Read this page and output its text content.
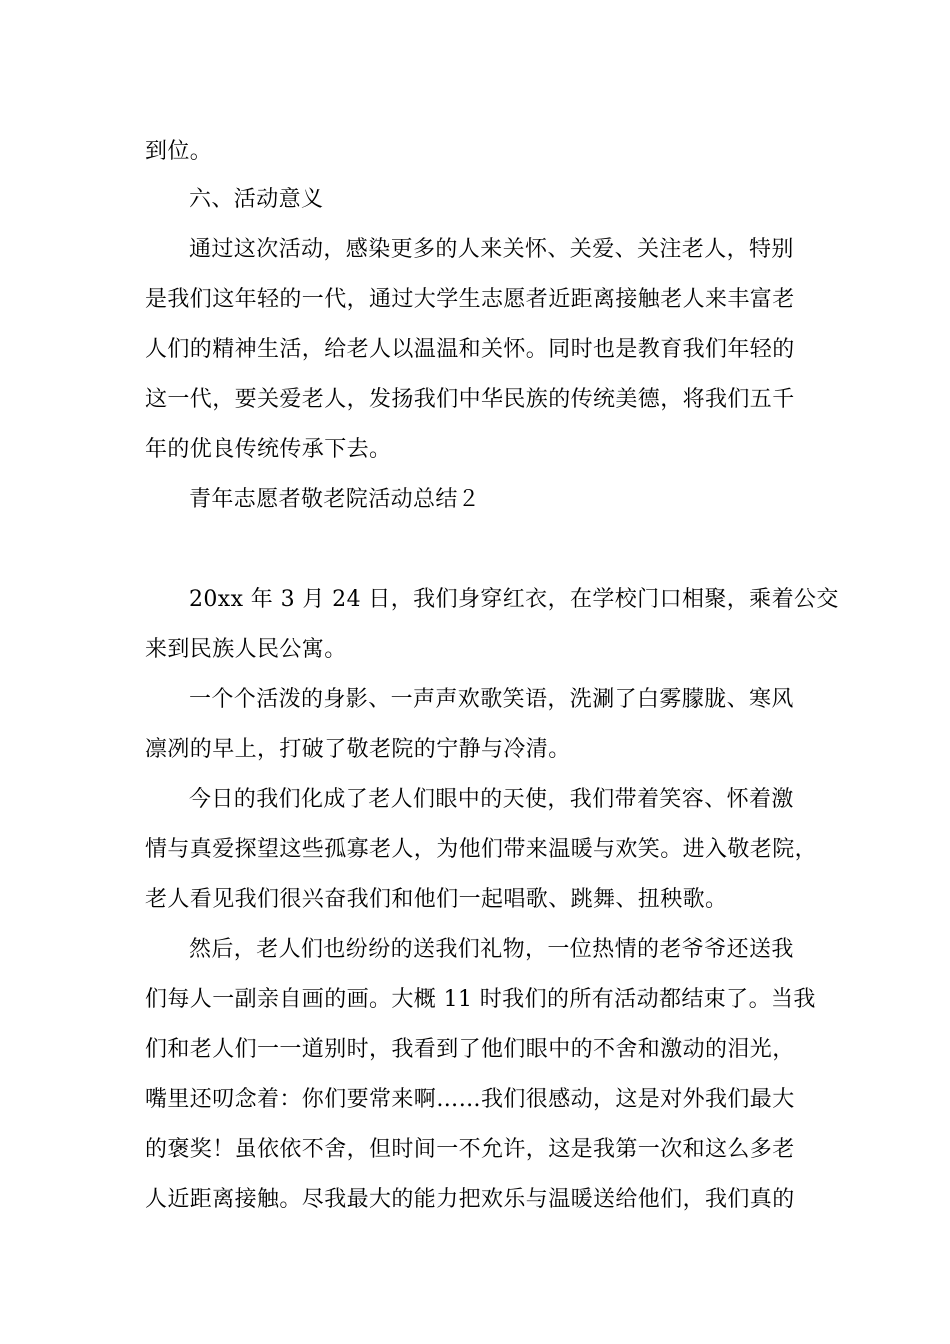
到位。
六、活动意义
通过这次活动，感染更多的人来关怀、关爱、关注老人，特别
是我们这年轻的一代，通过大学生志愿者近距离接触老人来丰富老
人们的精神生活，给老人以温温和关怀。同时也是教育我们年轻的
这一代，要关爱老人，发扬我们中华民族的传统美德，将我们五千
年的优良传统传承下去。
青年志愿者敬老院活动总结２
20xx 年 3 月 24 日，我们身穿红衣，在学校门口相聚，乘着公交
来到民族人民公寓。
一个个活泼的身影、一声声欢歌笑语，洗涮了白雾朦胧、寒风
凛冽的早上，打破了敬老院的宁静与冷清。
今日的我们化成了老人们眼中的天使，我们带着笑容、怀着激
情与真爱探望这些孤寡老人，为他们带来温暖与欢笑。进入敬老院，
老人看见我们很兴奋我们和他们一起唱歌、跳舞、扭秧歌。
然后，老人们也纷纷的送我们礼物，一位热情的老爷爷还送我
们每人一副亲自画的画。大概 11 时我们的所有活动都结束了。当我
们和老人们一一道别时，我看到了他们眼中的不舍和激动的泪光，
嘴里还叨念着：你们要常来啊……我们很感动，这是对外我们最大
的褒奖！虽依依不舍，但时间一不允许，这是我第一次和这么多老
人近距离接触。尽我最大的能力把欢乐与温暖送给他们，我们真的
